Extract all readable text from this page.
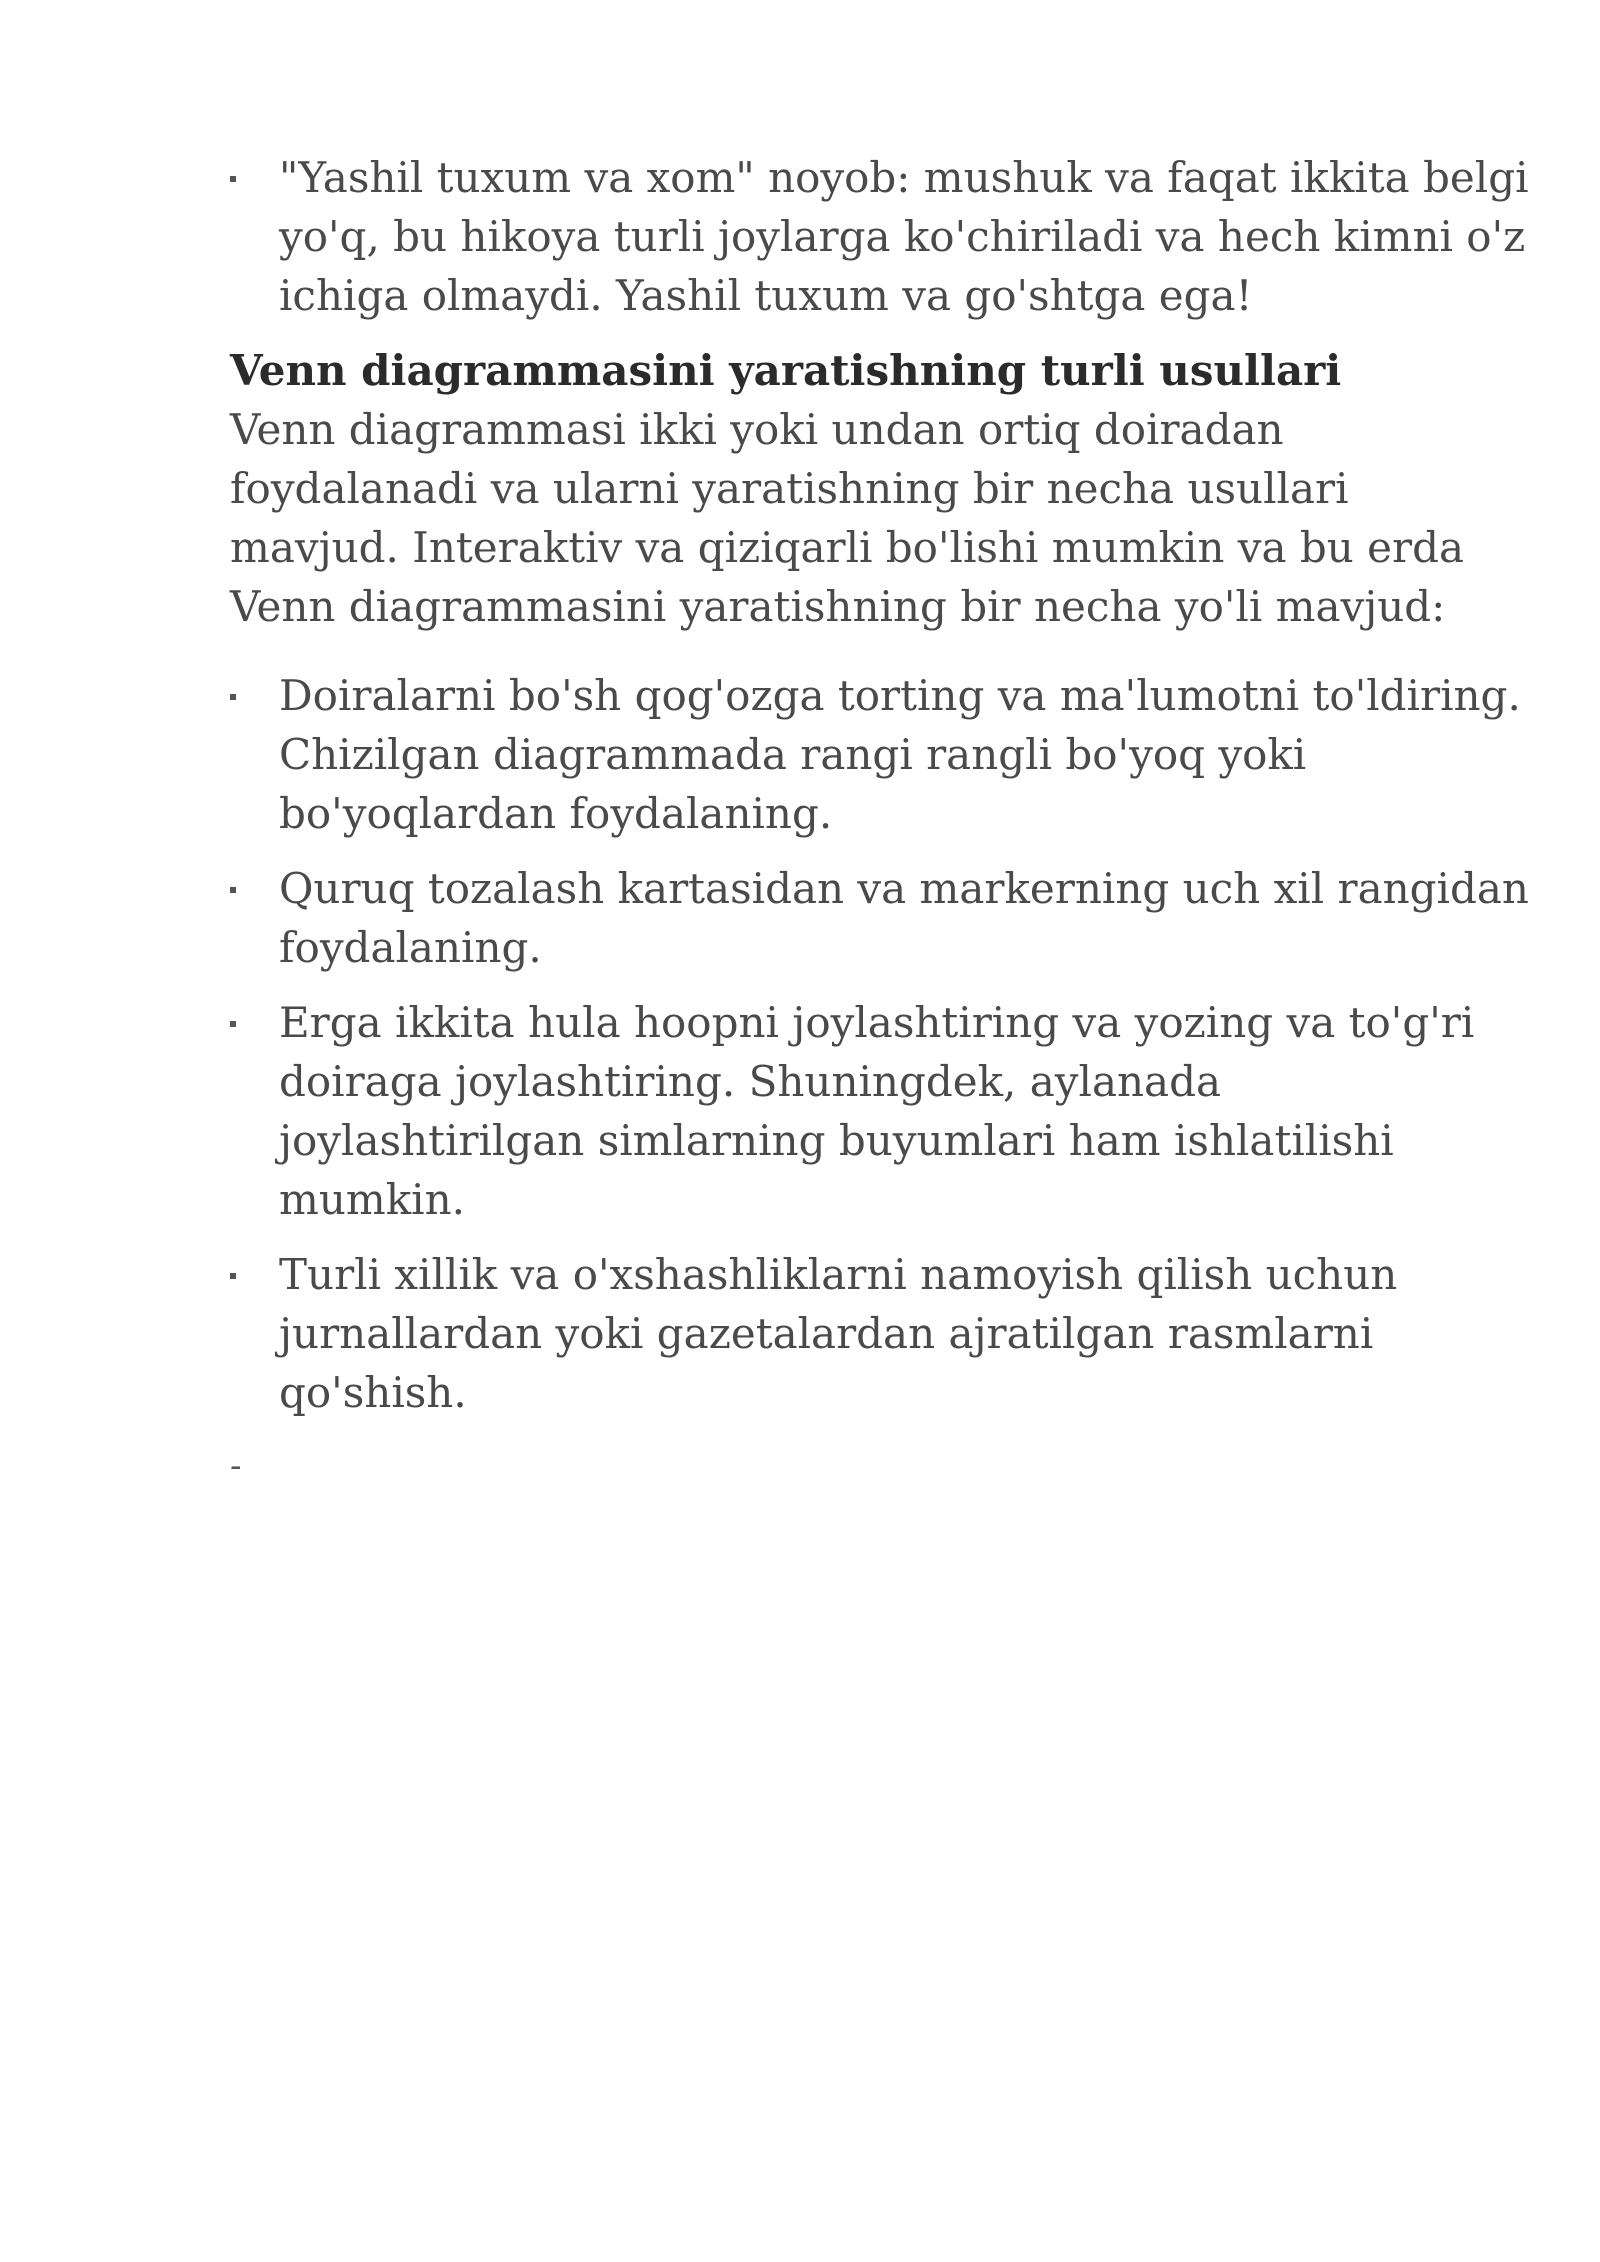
"Yashil tuxum va xom" noyob: mushuk va faqat ikkita belgi yo'q, bu hikoya turli joylarga ko'chiriladi va hech kimni o'z ichiga olmaydi. Yashil tuxum va go'shtga ega!
Venn diagrammasini yaratishning turli usullari

Venn diagrammasi ikki yoki undan ortiq doiradan foydalanadi va ularni yaratishning bir necha usullari mavjud. Interaktiv va qiziqarli bo'lishi mumkin va bu erda Venn diagrammasini yaratishning bir necha yo'li mavjud:

Doiralarni bo'sh qog'ozga torting va ma'lumotni to'ldiring. Chizilgan diagrammada rangi rangli bo'yoq yoki bo'yoqlardan foydalaning.
Quruq tozalash kartasidan va markerning uch xil rangidan foydalaning.
Erga ikkita hula hoopni joylashtiring va yozing va to'g'ri doiraga joylashtiring. Shuningdek, aylanada joylashtirilgan simlarning buyumlari ham ishlatilishi mumkin.
Turli xillik va o'xshashliklarni namoyish qilish uchun jurnallardan yoki gazetalardan ajratilgan rasmlarni qo'shish.
-
